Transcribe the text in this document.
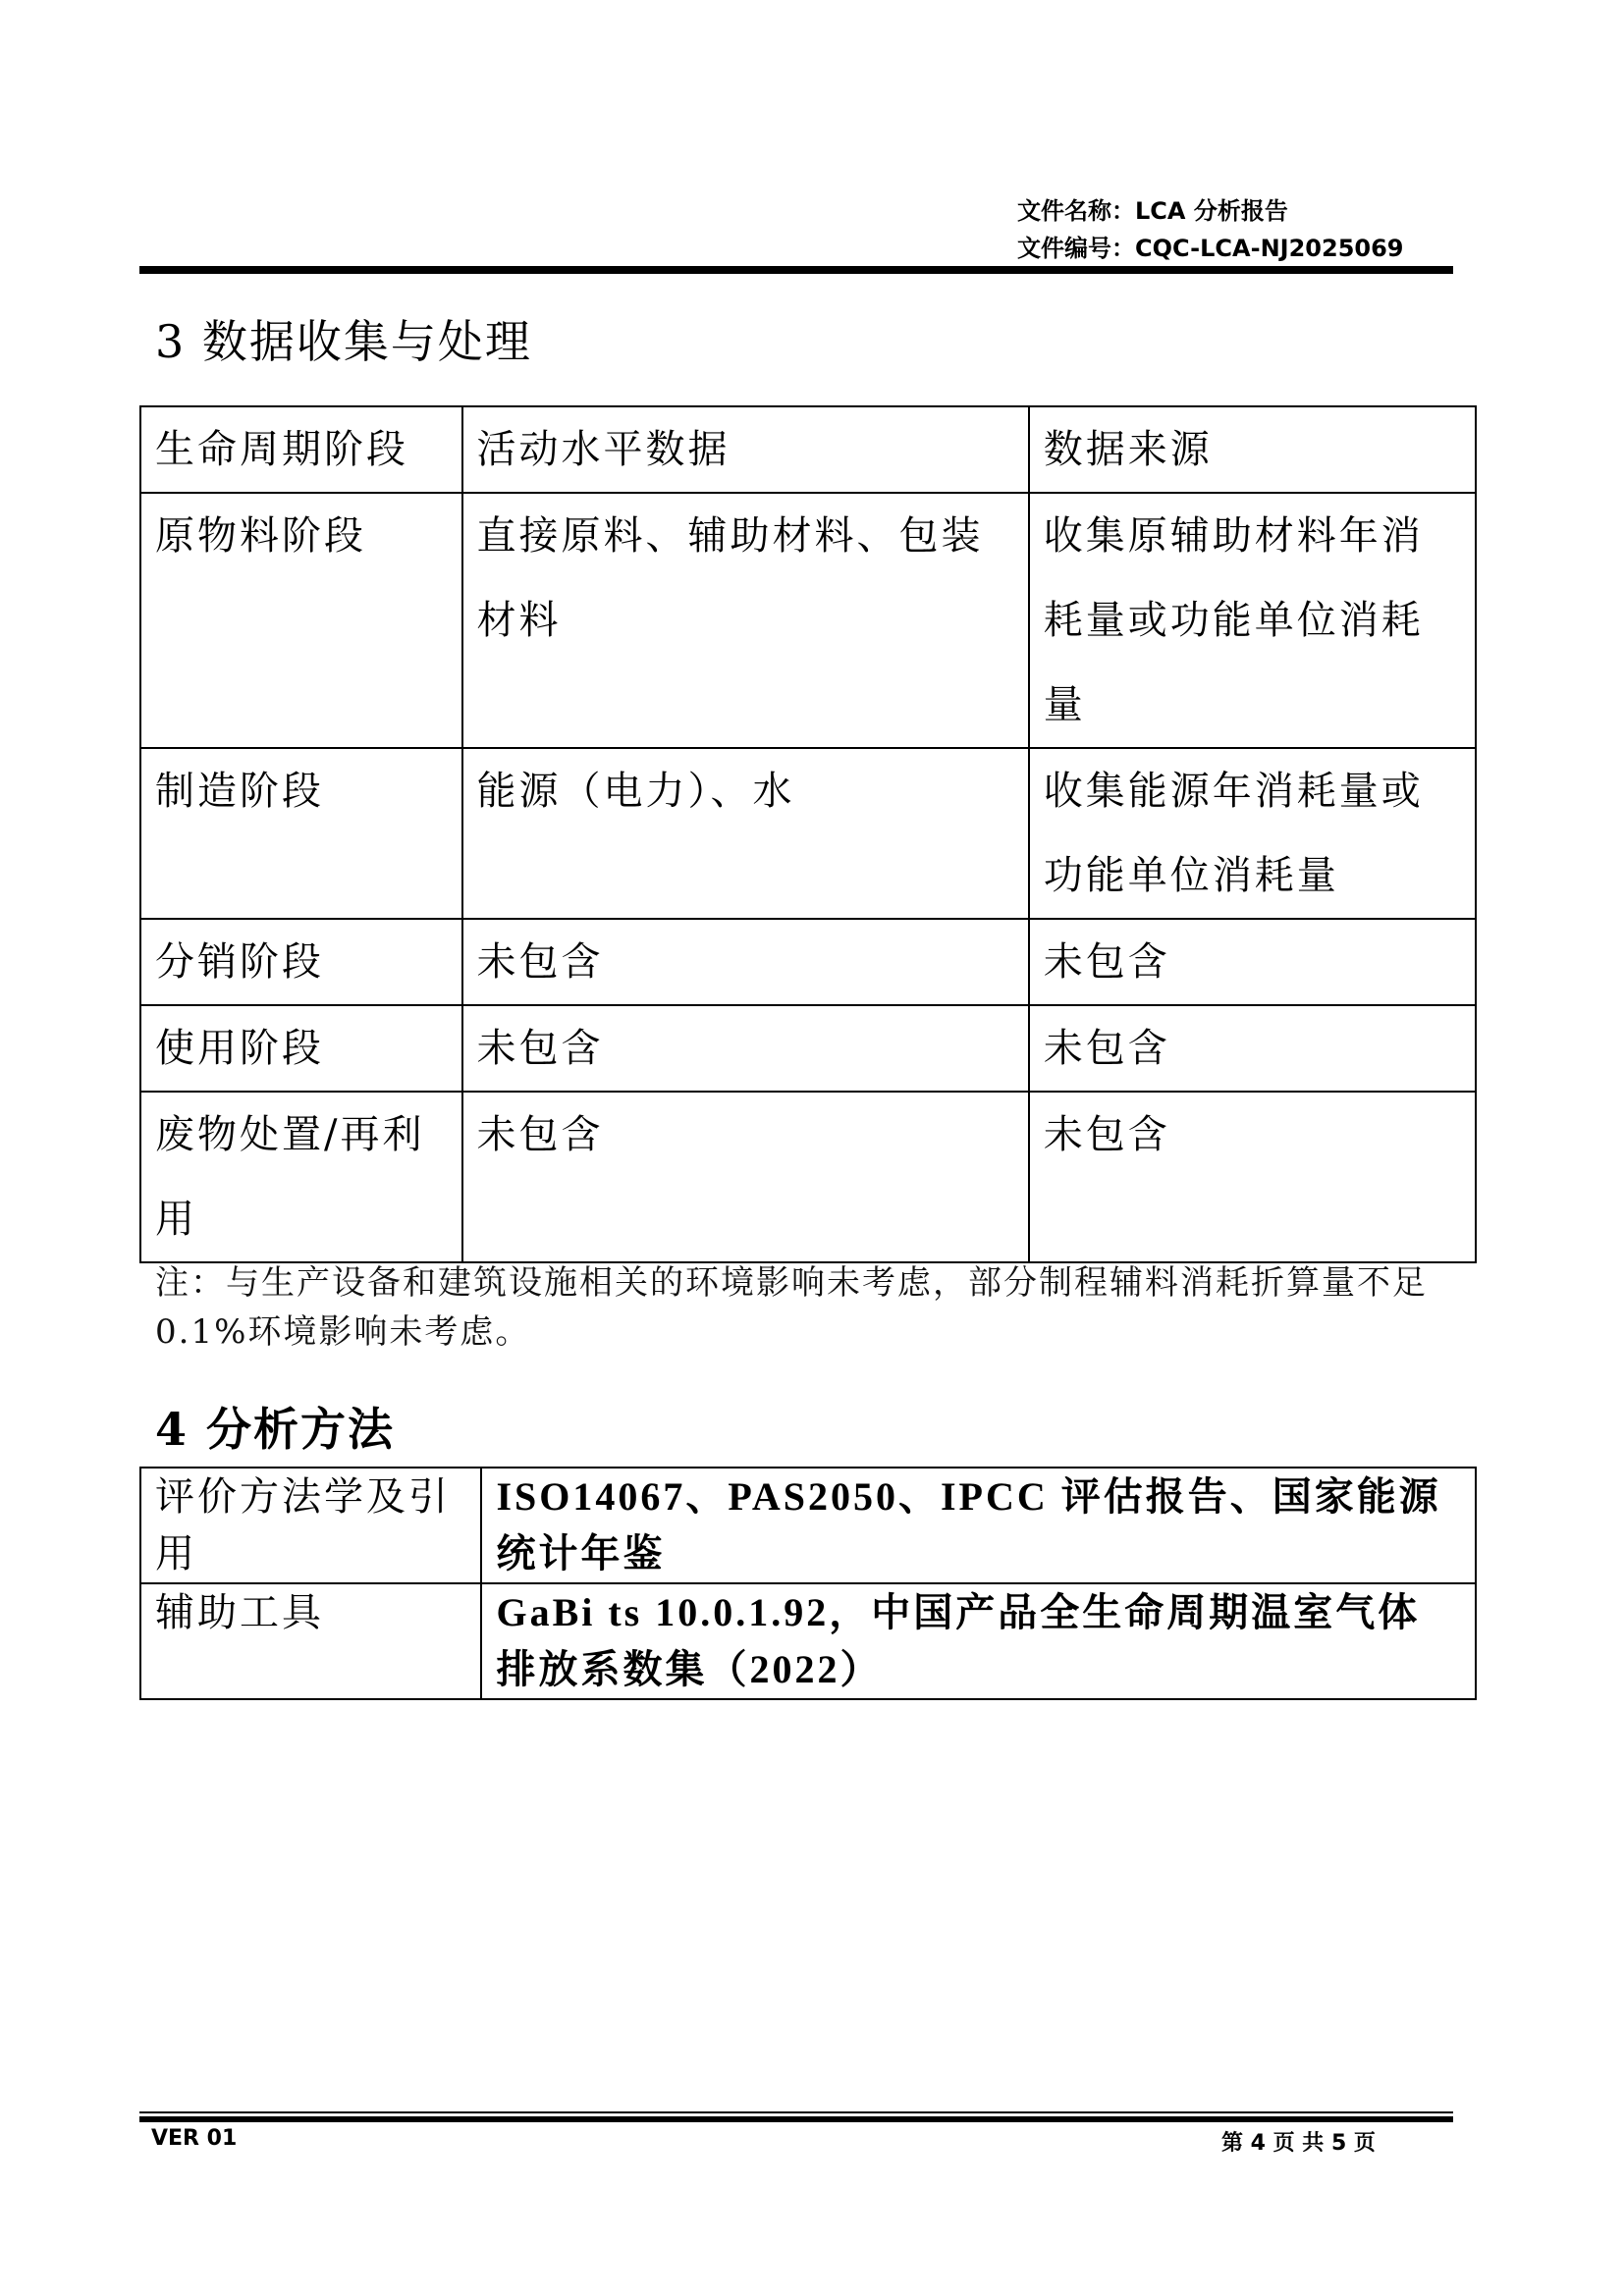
文件名称：LCA 分析报告
文件编号：CQC-LCA-NJ2025069
3 数据收集与处理
生命周期阶段	活动水平数据	数据来源
原物料阶段	直接原料、辅助材料、包装材料	收集原辅助材料年消耗量或功能单位消耗量
制造阶段	能源（电力）、水	收集能源年消耗量或功能单位消耗量
分销阶段	未包含	未包含
使用阶段	未包含	未包含
废物处置/再利用	未包含	未包含
注：与生产设备和建筑设施相关的环境影响未考虑，部分制程辅料消耗折算量不足 0.1%环境影响未考虑。
4 分析方法
评价方法学及引用	ISO14067、PAS2050、IPCC 评估报告、国家能源统计年鉴
辅助工具	GaBi ts 10.0.1.92，中国产品全生命周期温室气体排放系数集（2022）
VER 01	第 4 页 共 5 页
